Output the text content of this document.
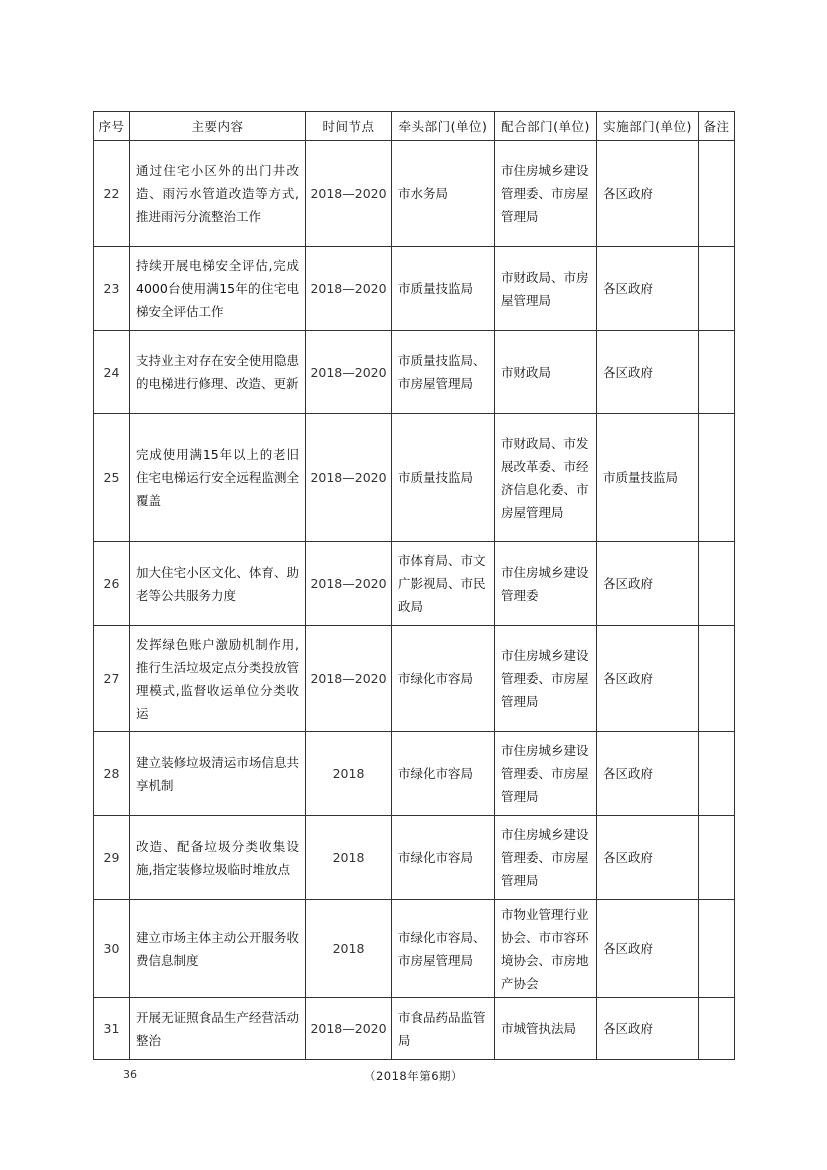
序号	主要内容	时间节点	牵头部门(单位)	配合部门(单位)	实施部门(单位)	备注
22	通过住宅小区外的出门井改造、雨污水管道改造等方式,推进雨污分流整治工作	2018—2020	市水务局	市住房城乡建设管理委、市房屋管理局	各区政府	
23	持续开展电梯安全评估,完成4000台使用满15年的住宅电梯安全评估工作	2018—2020	市质量技监局	市财政局、市房屋管理局	各区政府	
24	支持业主对存在安全使用隐患的电梯进行修理、改造、更新	2018—2020	市质量技监局、市房屋管理局	市财政局	各区政府	
25	完成使用满15年以上的老旧住宅电梯运行安全远程监测全覆盖	2018—2020	市质量技监局	市财政局、市发展改革委、市经济信息化委、市房屋管理局	市质量技监局	
26	加大住宅小区文化、体育、助老等公共服务力度	2018—2020	市体育局、市文广影视局、市民政局	市住房城乡建设管理委	各区政府	
27	发挥绿色账户激励机制作用,推行生活垃圾定点分类投放管理模式,监督收运单位分类收运	2018—2020	市绿化市容局	市住房城乡建设管理委、市房屋管理局	各区政府	
28	建立装修垃圾清运市场信息共享机制	2018	市绿化市容局	市住房城乡建设管理委、市房屋管理局	各区政府	
29	改造、配备垃圾分类收集设施,指定装修垃圾临时堆放点	2018	市绿化市容局	市住房城乡建设管理委、市房屋管理局	各区政府	
30	建立市场主体主动公开服务收费信息制度	2018	市绿化市容局、市房屋管理局	市物业管理行业协会、市市容环境协会、市房地产协会	各区政府	
31	开展无证照食品生产经营活动整治	2018—2020	市食品药品监管局	市城管执法局	各区政府	
36	（2018年第6期）
